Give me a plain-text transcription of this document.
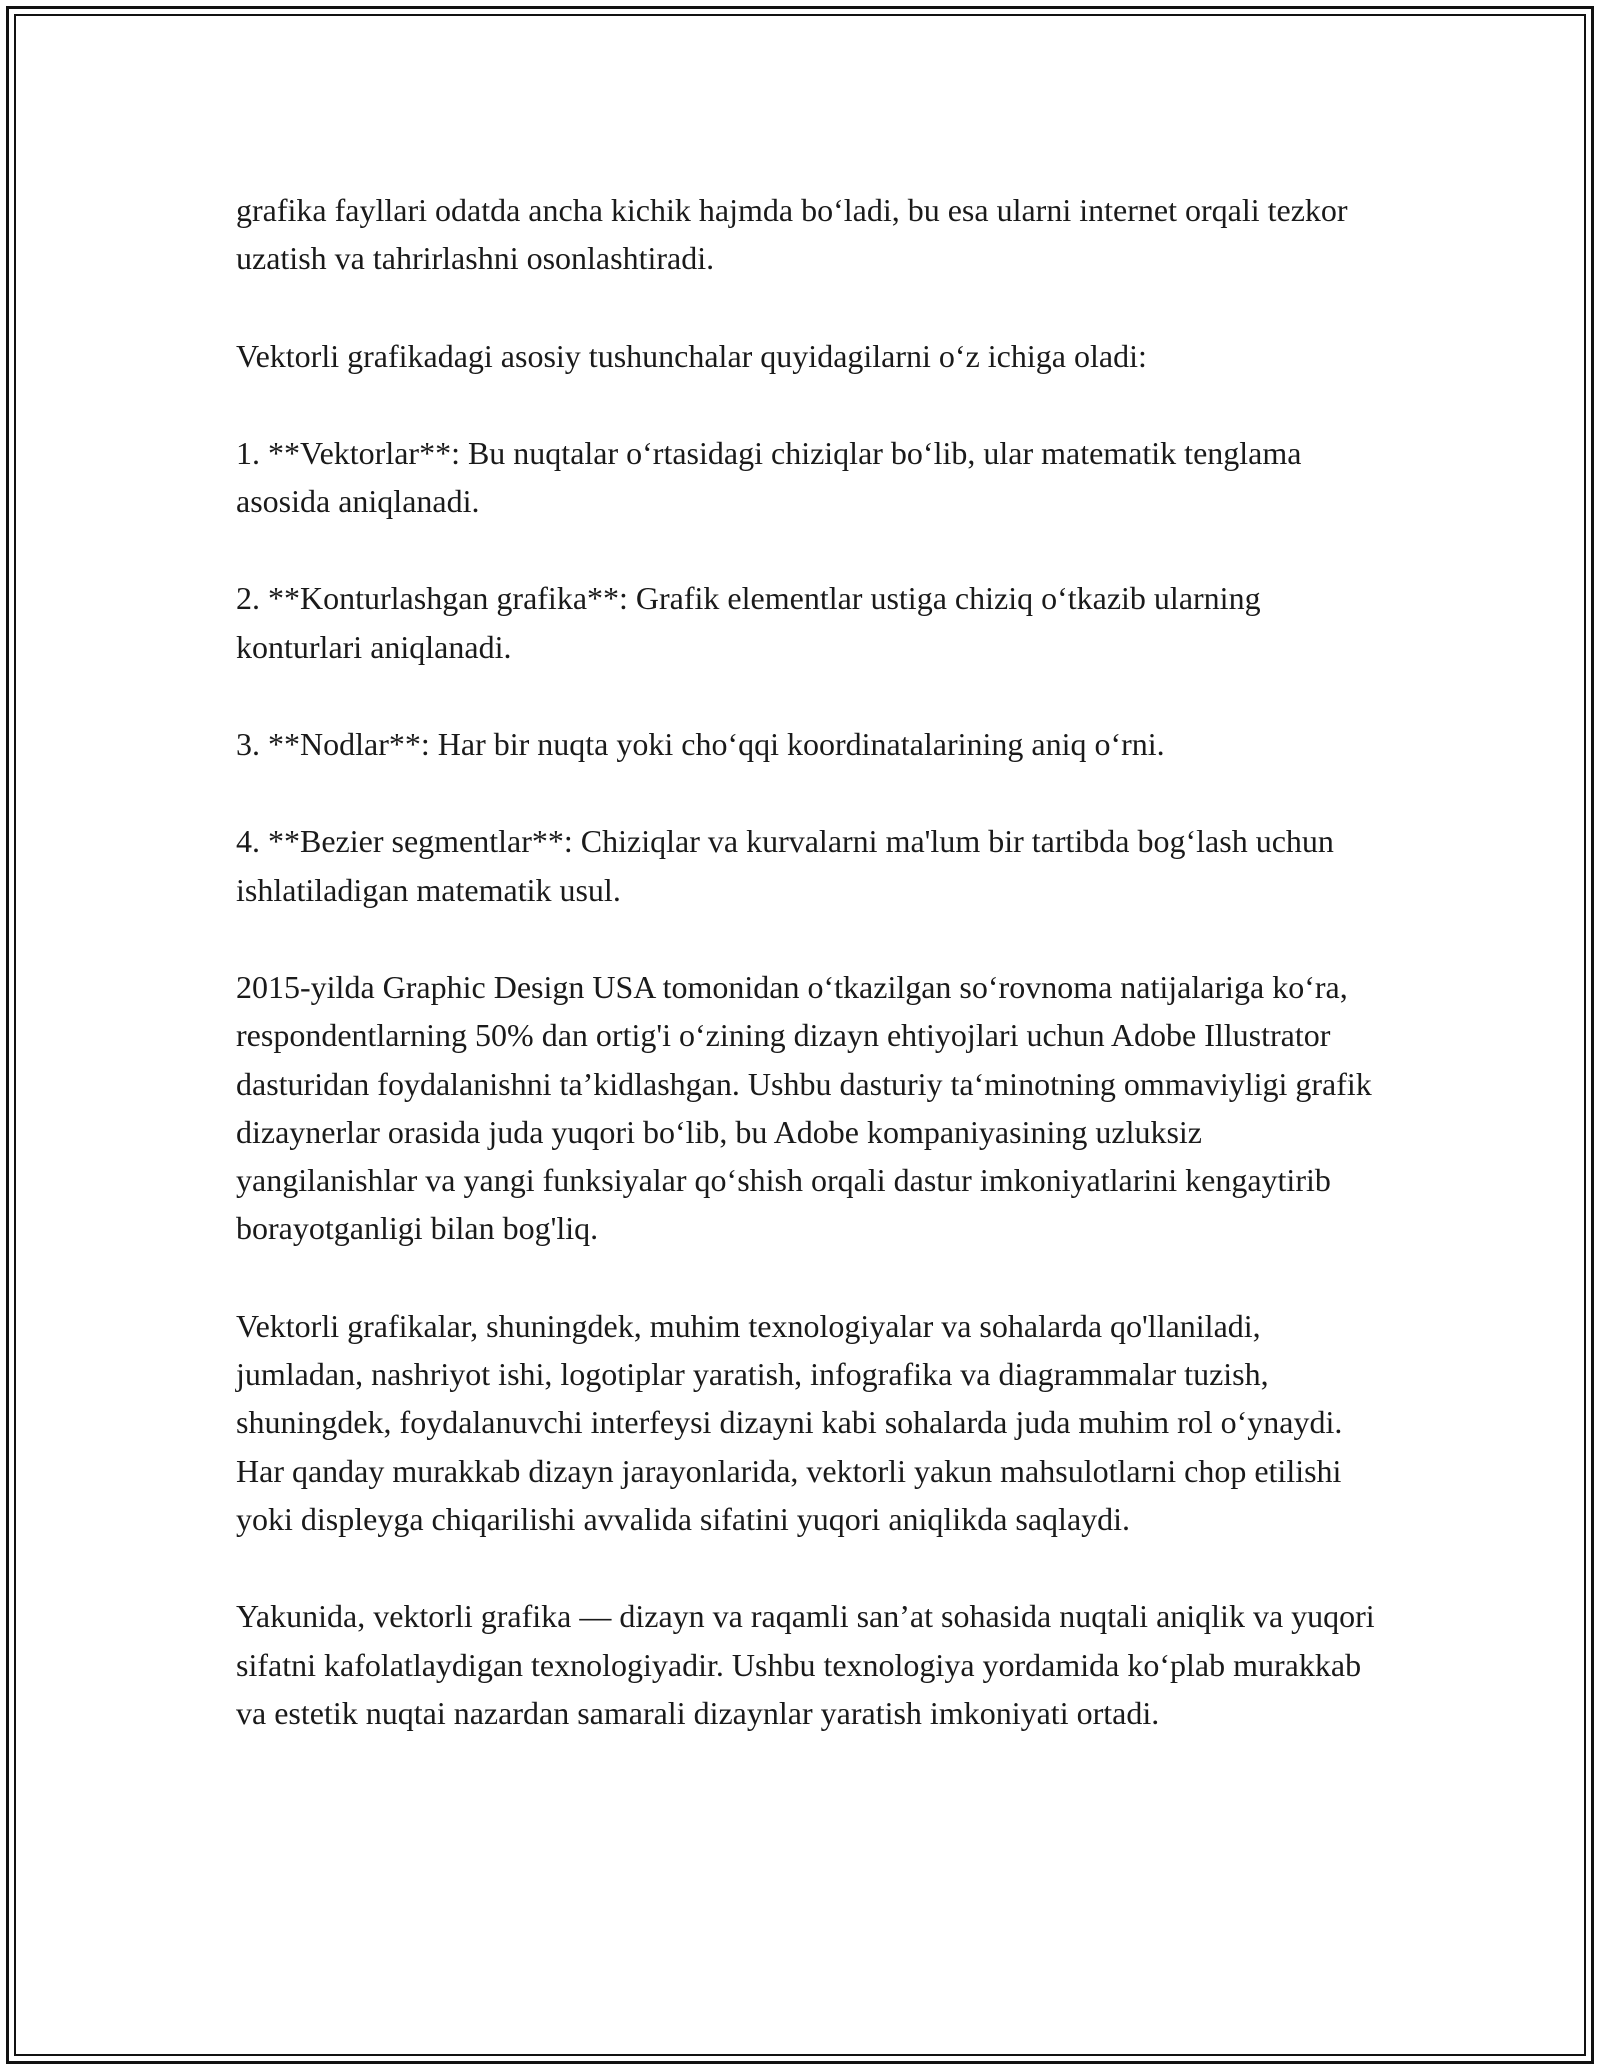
grafika fayllari odatda ancha kichik hajmda bo‘ladi, bu esa ularni internet orqali tezkor uzatish va tahrirlashni osonlashtiradi.

Vektorli grafikadagi asosiy tushunchalar quyidagilarni o‘z ichiga oladi:

1. **Vektorlar**: Bu nuqtalar o‘rtasidagi chiziqlar bo‘lib, ular matematik tenglama asosida aniqlanadi.

2. **Konturlashgan grafika**: Grafik elementlar ustiga chiziq o‘tkazib ularning konturlari aniqlanadi.

3. **Nodlar**: Har bir nuqta yoki cho‘qqi koordinatalarining aniq o‘rni.

4. **Bezier segmentlar**: Chiziqlar va kurvalarni ma'lum bir tartibda bog‘lash uchun ishlatiladigan matematik usul.

2015-yilda Graphic Design USA tomonidan o‘tkazilgan so‘rovnoma natijalariga ko‘ra, respondentlarning 50% dan ortig'i o‘zining dizayn ehtiyojlari uchun Adobe Illustrator dasturidan foydalanishni ta’kidlashgan. Ushbu dasturiy ta‘minotning ommaviyligi grafik dizaynerlar orasida juda yuqori bo‘lib, bu Adobe kompaniyasining uzluksiz yangilanishlar va yangi funksiyalar qo‘shish orqali dastur imkoniyatlarini kengaytirib borayotganligi bilan bog'liq.

Vektorli grafikalar, shuningdek, muhim texnologiyalar va sohalarda qo'llaniladi, jumladan, nashriyot ishi, logotiplar yaratish, infografika va diagrammalar tuzish, shuningdek, foydalanuvchi interfeysi dizayni kabi sohalarda juda muhim rol o‘ynaydi. Har qanday murakkab dizayn jarayonlarida, vektorli yakun mahsulotlarni chop etilishi yoki displeyga chiqarilishi avvalida sifatini yuqori aniqlikda saqlaydi.

Yakunida, vektorli grafika — dizayn va raqamli san’at sohasida nuqtali aniqlik va yuqori sifatni kafolatlaydigan texnologiyadir. Ushbu texnologiya yordamida ko‘plab murakkab va estetik nuqtai nazardan samarali dizaynlar yaratish imkoniyati ortadi.
